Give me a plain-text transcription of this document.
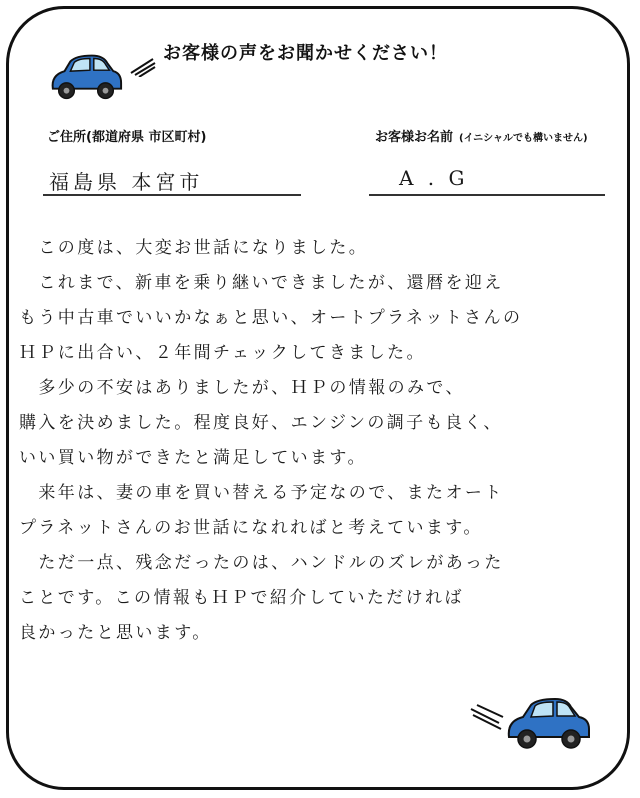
お客様の声をお聞かせください！
ご住所(都道府県 市区町村)	お客様お名前 (イニシャルでも構いません)
福島県 本宮市	A . G
　この度は、大変お世話になりました。
　これまで、新車を乗り継いできましたが、還暦を迎え
もう中古車でいいかなぁと思い、オートプラネットさんの
ＨＰに出合い、２年間チェックしてきました。
　多少の不安はありましたが、ＨＰの情報のみで、
購入を決めました。程度良好、エンジンの調子も良く、
いい買い物ができたと満足しています。
　来年は、妻の車を買い替える予定なので、またオート
プラネットさんのお世話になれればと考えています。
　ただ一点、残念だったのは、ハンドルのズレがあった
ことです。この情報もＨＰで紹介していただければ
良かったと思います。
